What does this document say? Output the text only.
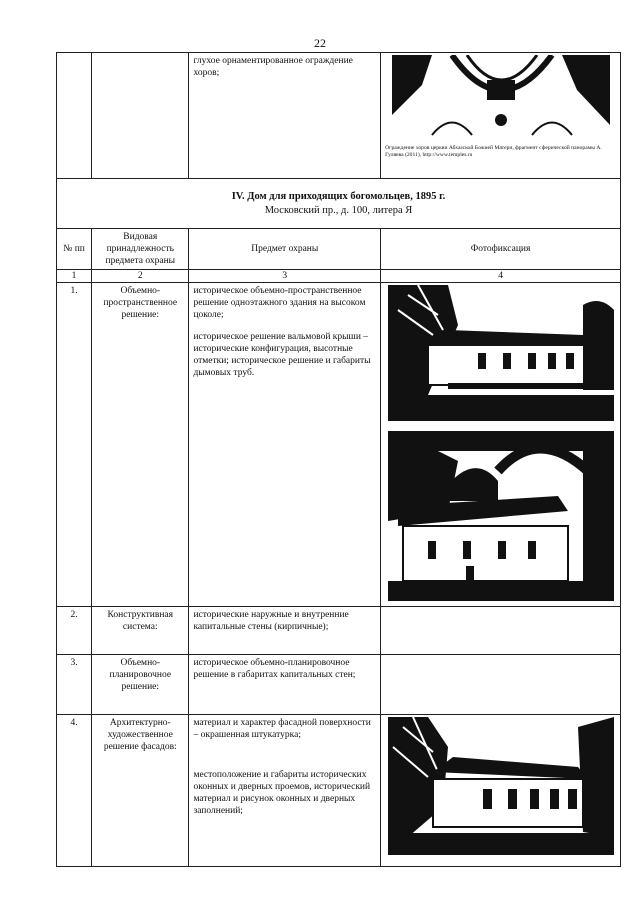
22
		глухое орнаментированное ограждение хоров;	Ограждение хоров церкви Абхазской Божией Матери, фрагмент сферической панорамы А. Гуляева (2011), http://www.temples.ru

IV. Дом для приходящих богомольцев, 1895 г.
Московский пр., д. 100, литера Я			

№ пп	Видовая принадлежность предмета охраны	Предмет охраны	Фотофиксация
1	2	3	4
1.	Объемно-пространственное решение:	историческое объемно-пространственное решение одноэтажного здания на высоком цоколе;
историческое решение вальмовой крыши – исторические конфигурация, высотные отметки; историческое решение и габариты дымовых труб.

2.	Конструктивная система:	исторические наружные и внутренние капитальные стены (кирпичные);	

3.	Объемно-планировочное решение:	историческое объемно-планировочное решение в габаритах капитальных стен;	

4.	Архитектурно-художественное решение фасадов:	материал и характер фасадной поверхности – окрашенная штукатурка;
местоположение и габариты исторических оконных и дверных проемов, исторический материал и рисунок оконных и дверных заполнений;
